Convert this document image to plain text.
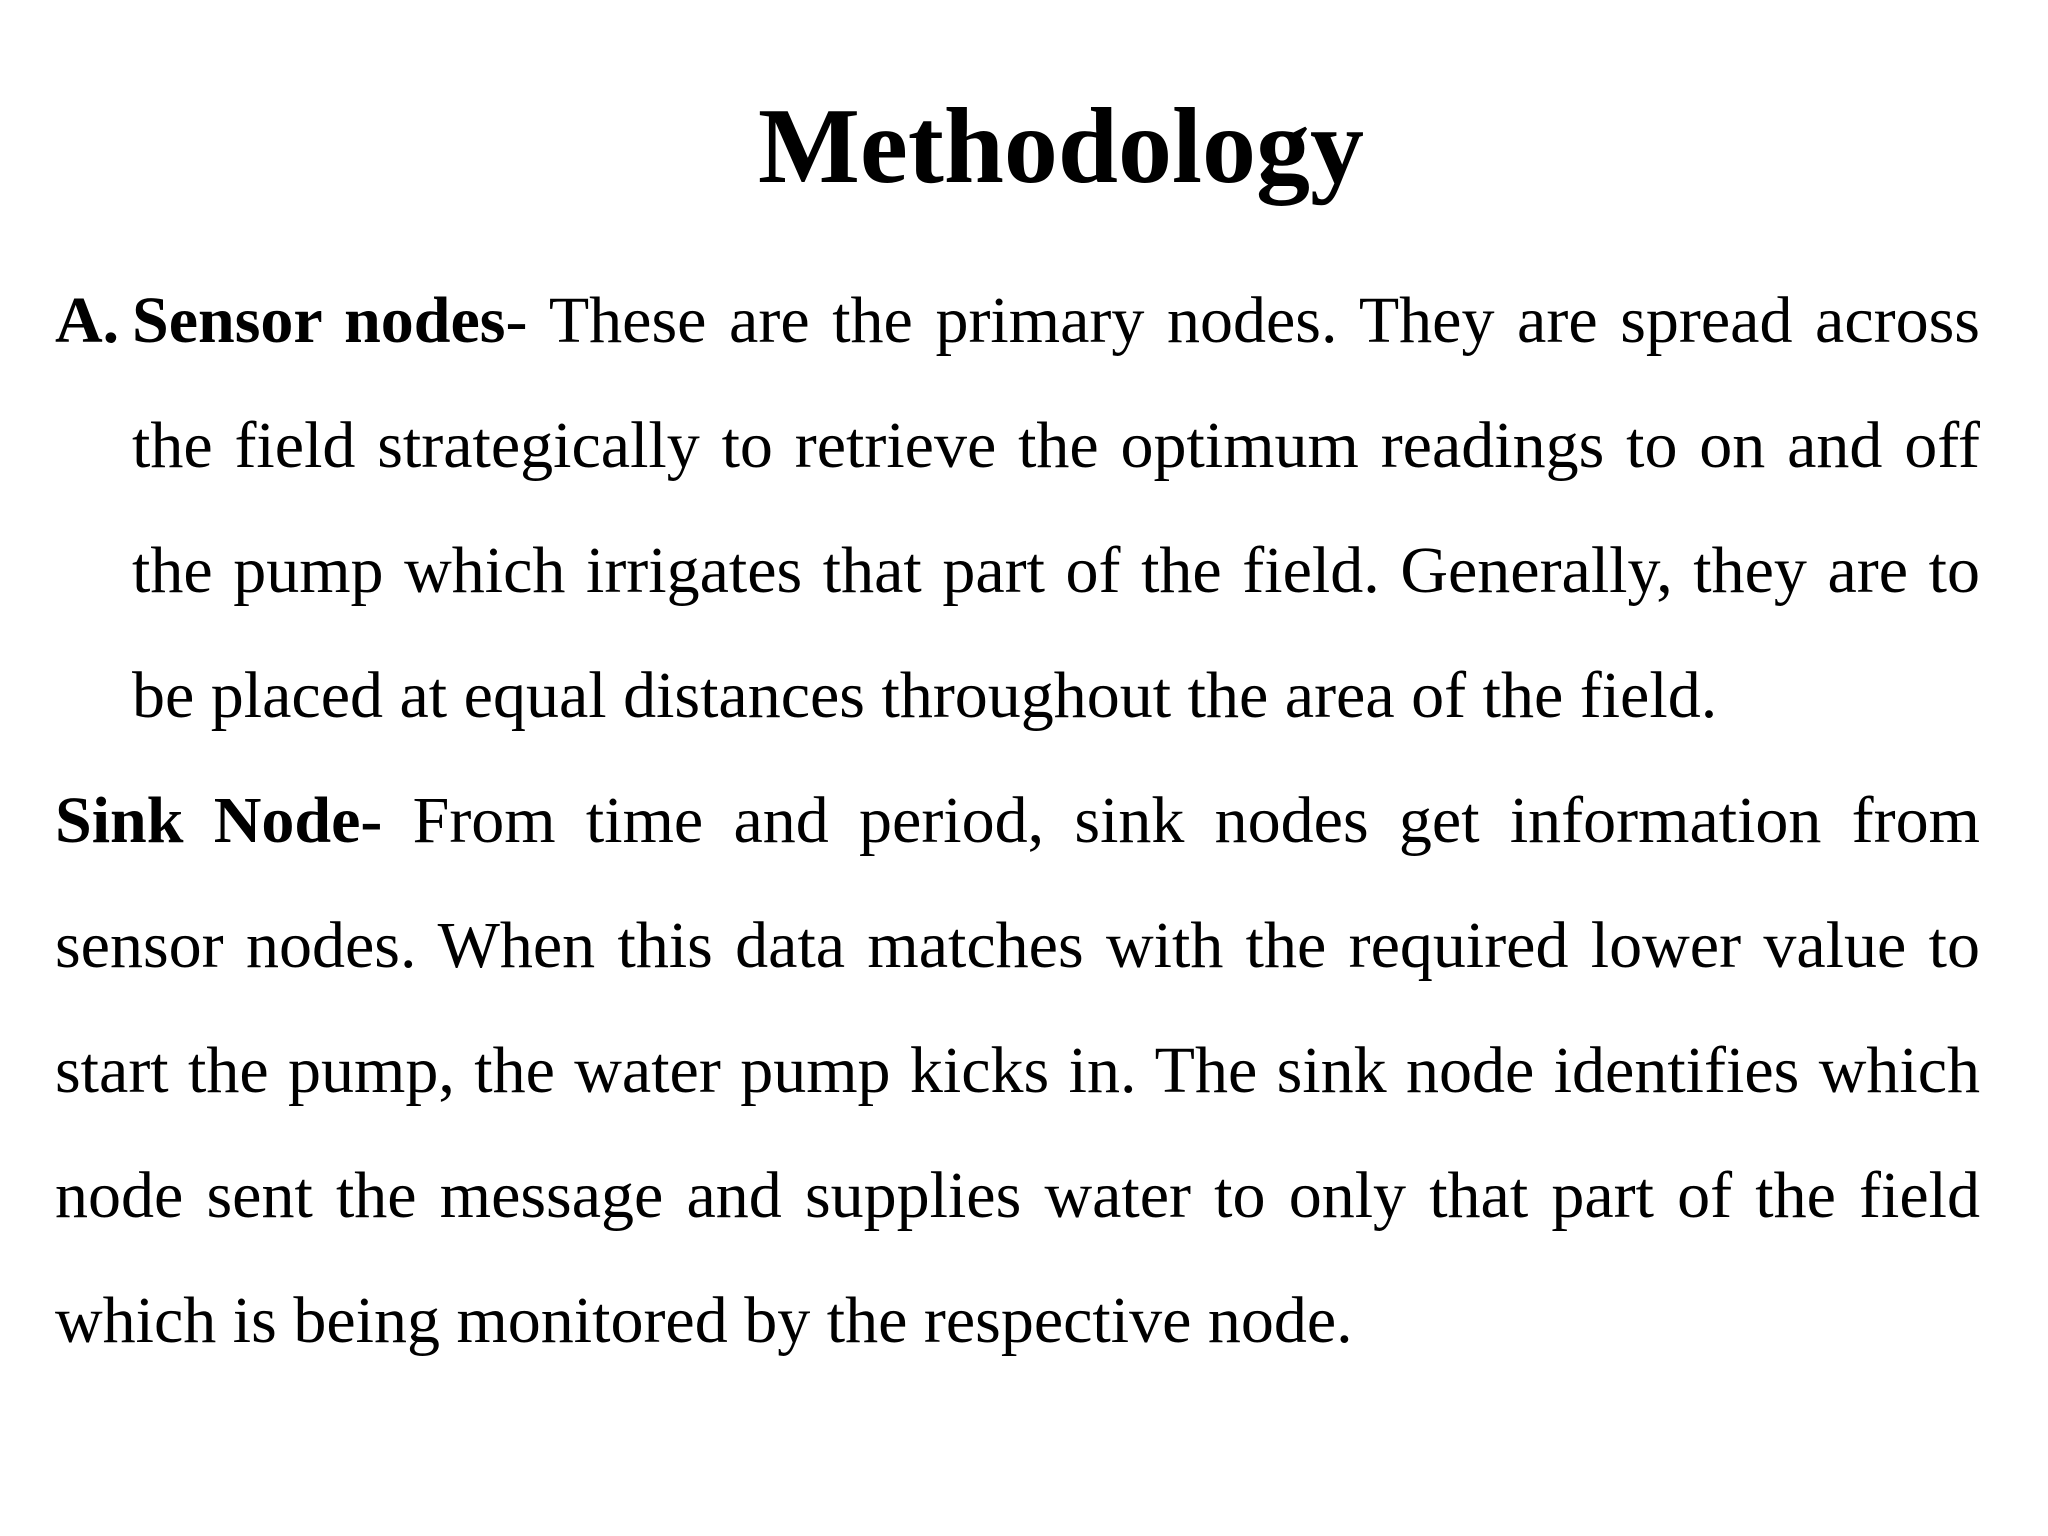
Methodology

A. Sensor nodes- These are the primary nodes. They are spread across the field strategically to retrieve the optimum readings to on and off the pump which irrigates that part of the field. Generally, they are to be placed at equal distances throughout the area of the field.

Sink Node- From time and period, sink nodes get information from sensor nodes. When this data matches with the required lower value to start the pump, the water pump kicks in. The sink node identifies which node sent the message and supplies water to only that part of the field which is being monitored by the respective node.
